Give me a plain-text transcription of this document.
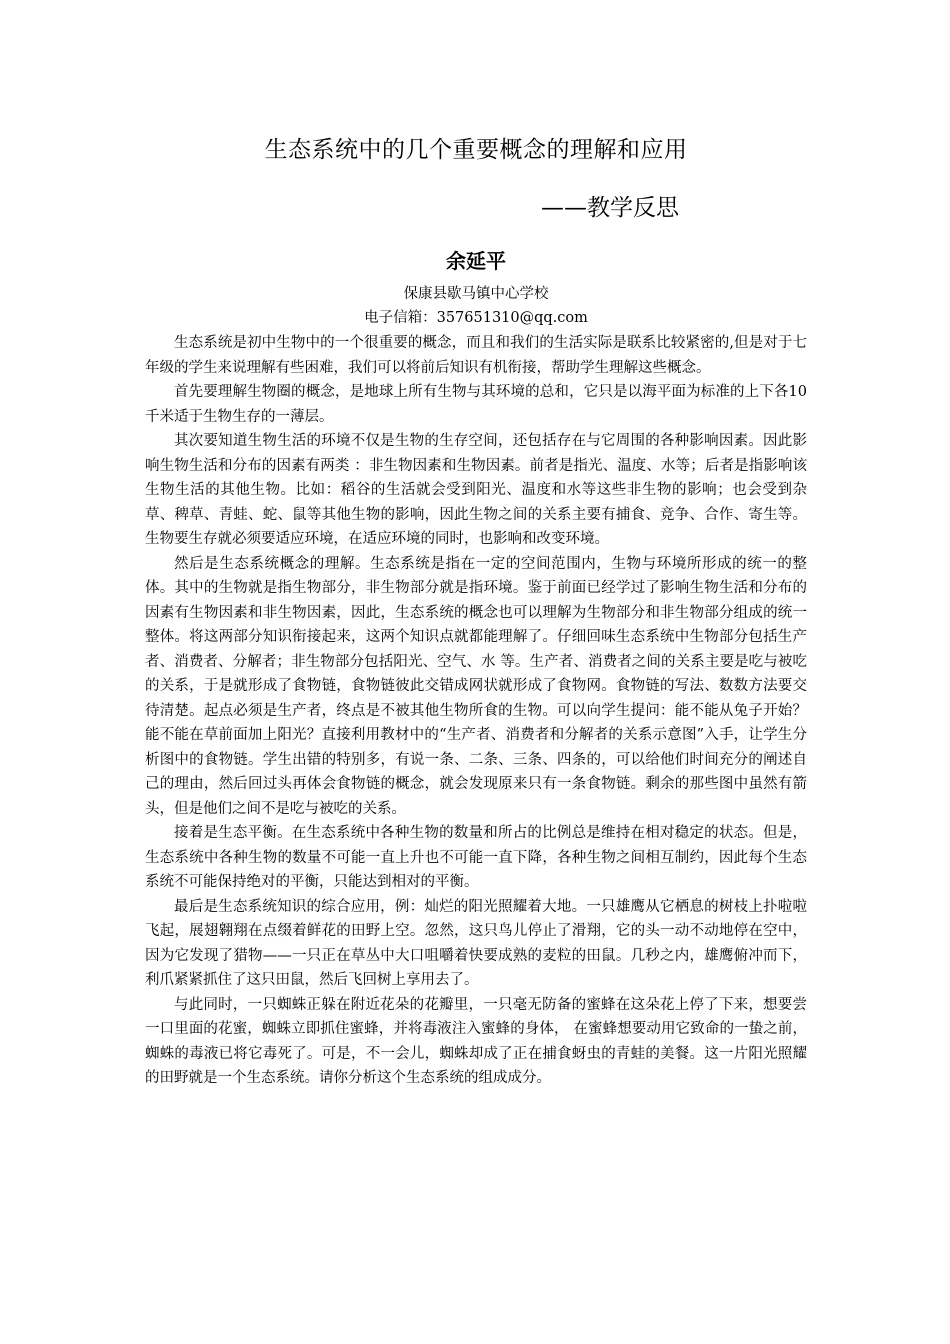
生态系统中的几个重要概念的理解和应用
——教学反思
余延平

保康县歇马镇中心学校

电子信箱：357651310@qq.com

生态系统是初中生物中的一个很重要的概念，而且和我们的生活实际是联系比较紧密的,但是对于七年级的学生来说理解有些困难，我们可以将前后知识有机衔接，帮助学生理解这些概念。

首先要理解生物圈的概念，是地球上所有生物与其环境的总和，它只是以海平面为标准的上下各10千米适于生物生存的一薄层。

其次要知道生物生活的环境不仅是生物的生存空间，还包括存在与它周围的各种影响因素。因此影响生物生活和分布的因素有两类 ：非生物因素和生物因素。前者是指光、温度、水等；后者是指影响该生物生活的其他生物。比如：稻谷的生活就会受到阳光、温度和水等这些非生物的影响；也会受到杂草、稗草、青蛙、蛇、鼠等其他生物的影响，因此生物之间的关系主要有捕食、竞争、合作、寄生等。生物要生存就必须要适应环境，在适应环境的同时，也影响和改变环境。

然后是生态系统概念的理解。生态系统是指在一定的空间范围内，生物与环境所形成的统一的整体。其中的生物就是指生物部分，非生物部分就是指环境。鉴于前面已经学过了影响生物生活和分布的因素有生物因素和非生物因素，因此，生态系统的概念也可以理解为生物部分和非生物部分组成的统一整体。将这两部分知识衔接起来，这两个知识点就都能理解了。仔细回味生态系统中生物部分包括生产者、消费者、分解者；非生物部分包括阳光、空气、水 等。生产者、消费者之间的关系主要是吃与被吃的关系，于是就形成了食物链，食物链彼此交错成网状就形成了食物网。食物链的写法、数数方法要交待清楚。起点必须是生产者，终点是不被其他生物所食的生物。可以向学生提问：能不能从兔子开始？能不能在草前面加上阳光？直接利用教材中的“生产者、消费者和分解者的关系示意图”入手，让学生分析图中的食物链。学生出错的特别多，有说一条、二条、三条、四条的，可以给他们时间充分的阐述自己的理由，然后回过头再体会食物链的概念，就会发现原来只有一条食物链。剩余的那些图中虽然有箭头，但是他们之间不是吃与被吃的关系。

接着是生态平衡。在生态系统中各种生物的数量和所占的比例总是维持在相对稳定的状态。但是，生态系统中各种生物的数量不可能一直上升也不可能一直下降，各种生物之间相互制约，因此每个生态系统不可能保持绝对的平衡，只能达到相对的平衡。

最后是生态系统知识的综合应用，例：灿烂的阳光照耀着大地。一只雄鹰从它栖息的树枝上扑啦啦飞起，展翅翱翔在点缀着鲜花的田野上空。忽然，这只鸟儿停止了滑翔，它的头一动不动地停在空中，因为它发现了猎物——一只正在草丛中大口咀嚼着快要成熟的麦粒的田鼠。几秒之内，雄鹰俯冲而下，利爪紧紧抓住了这只田鼠，然后飞回树上享用去了。

与此同时，一只蜘蛛正躲在附近花朵的花瓣里，一只毫无防备的蜜蜂在这朵花上停了下来，想要尝一口里面的花蜜，蜘蛛立即抓住蜜蜂，并将毒液注入蜜蜂的身体， 在蜜蜂想要动用它致命的一蛰之前，蜘蛛的毒液已将它毒死了。可是，不一会儿，蜘蛛却成了正在捕食蚜虫的青蛙的美餐。这一片阳光照耀的田野就是一个生态系统。请你分析这个生态系统的组成成分。
